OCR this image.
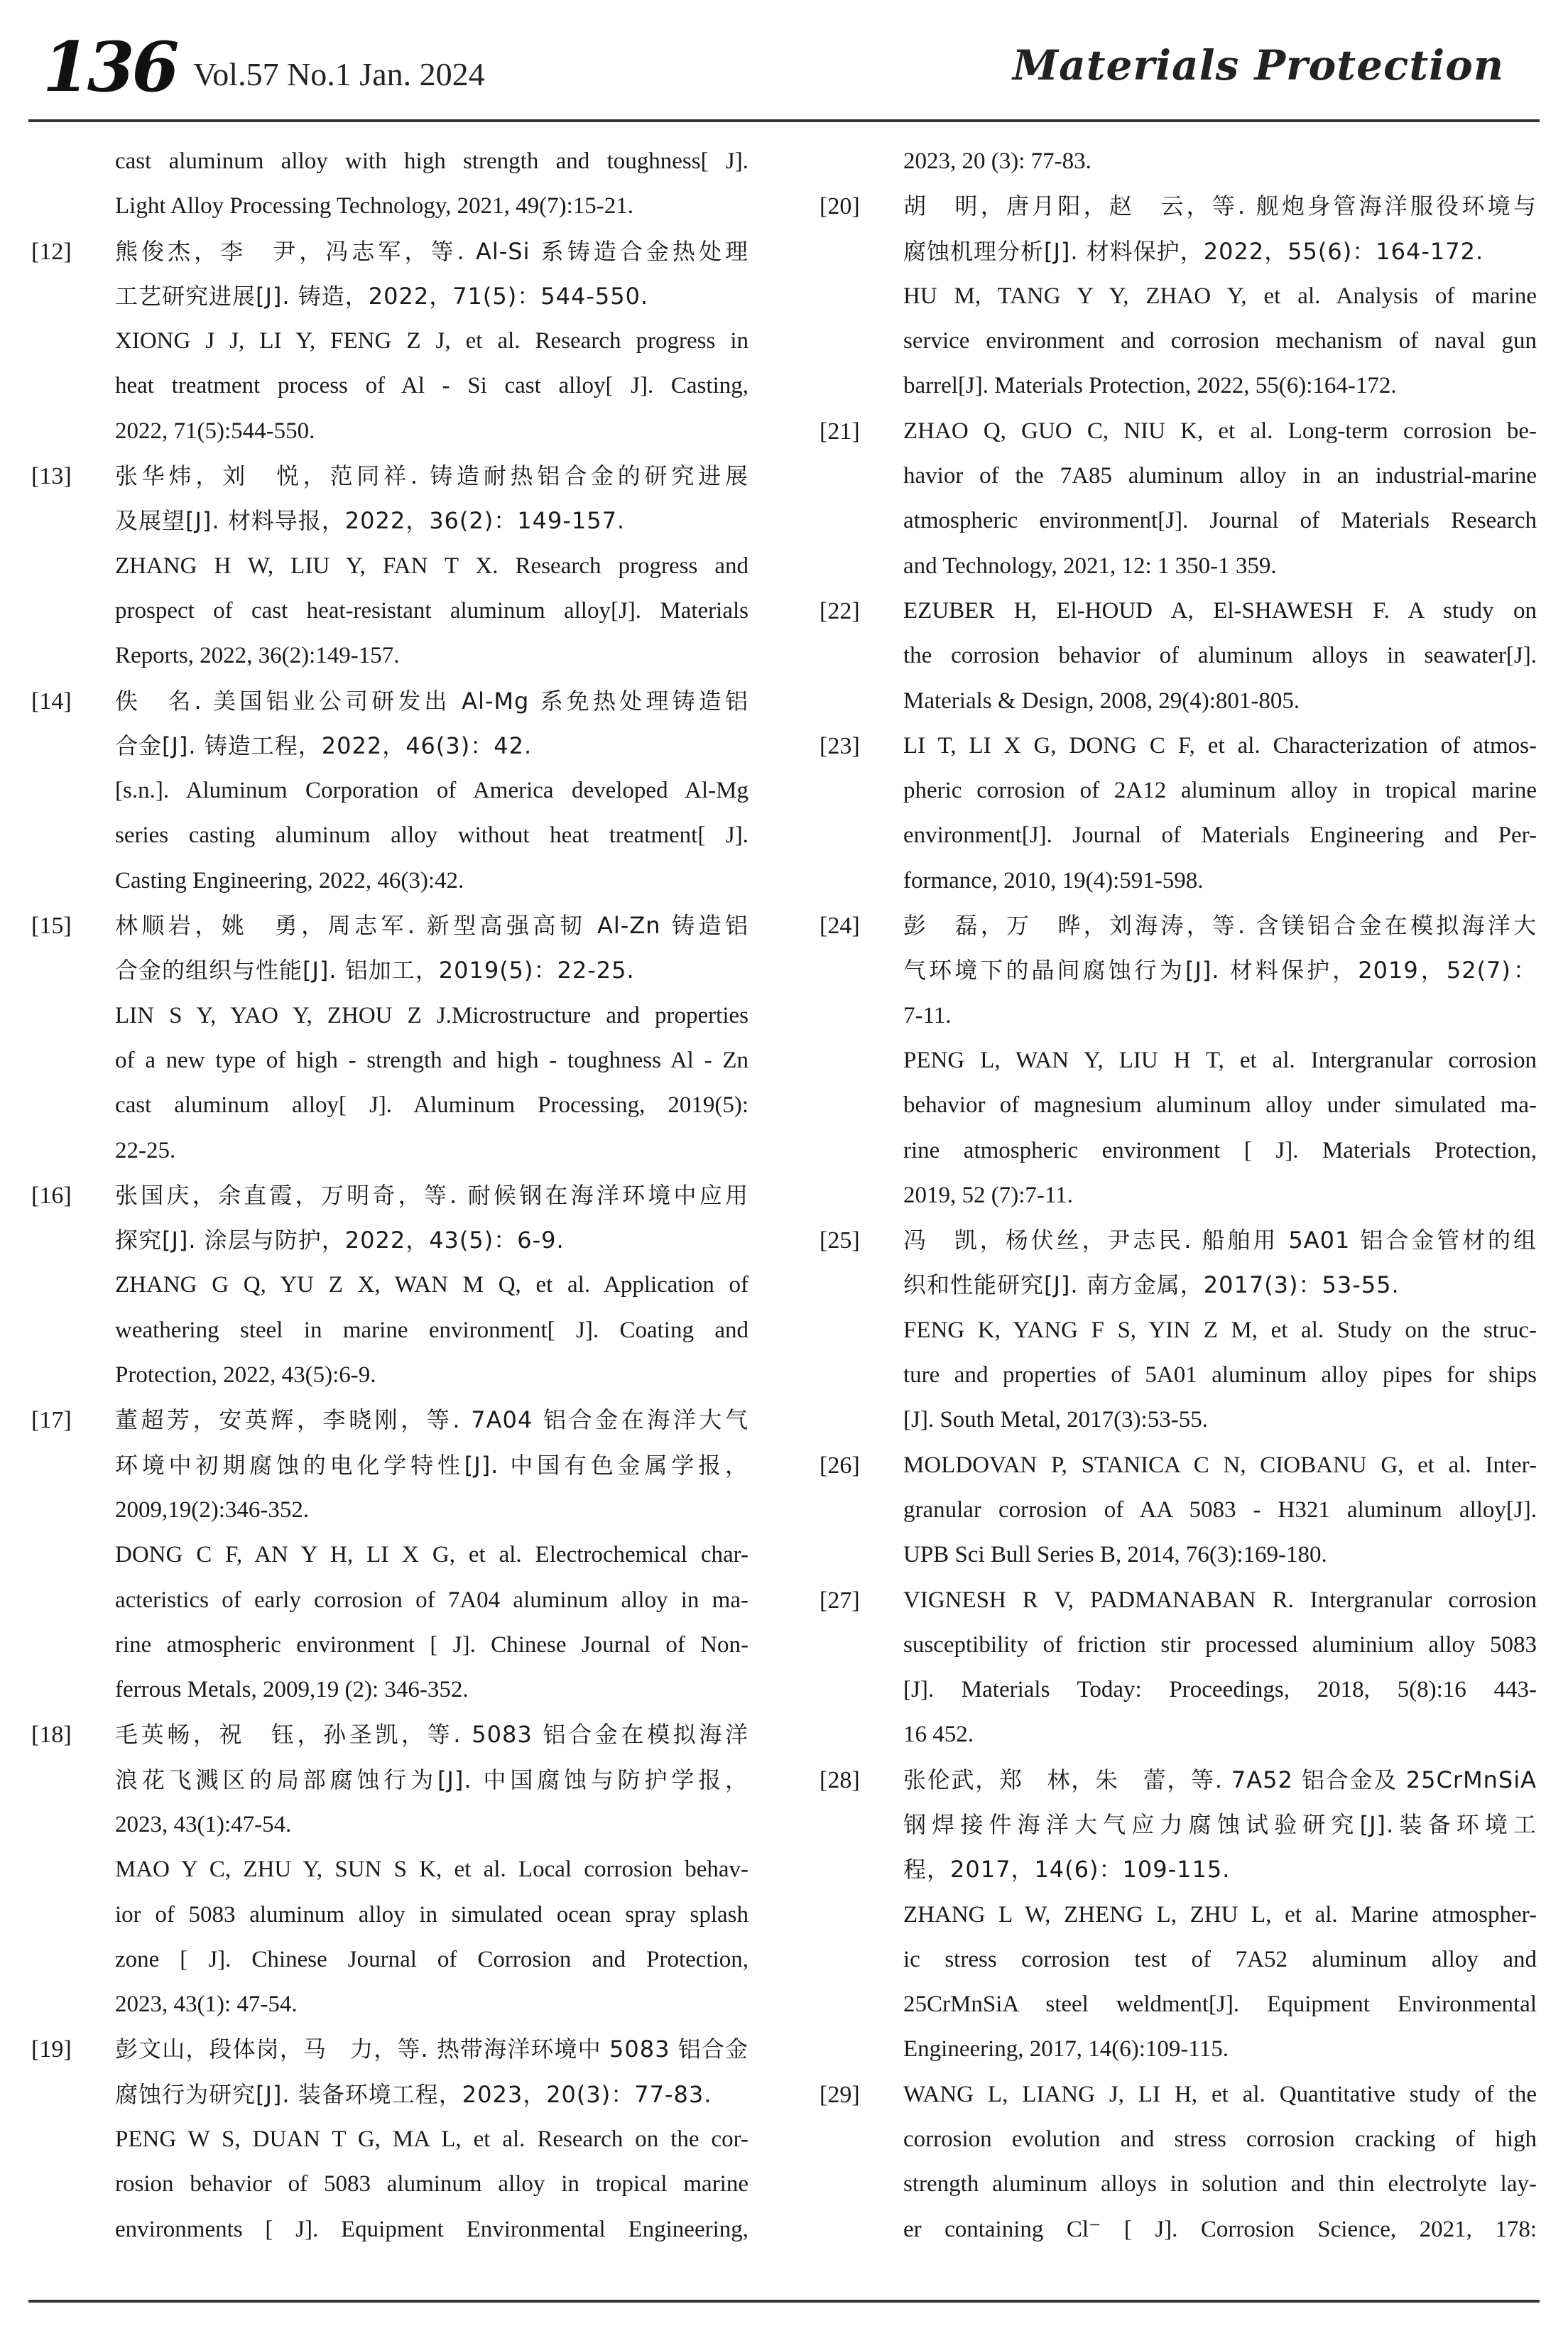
136 Vol.57 No.1 Jan. 2024	Materials Protection
cast aluminum alloy with high strength and toughness[ J].
Light Alloy Processing Technology, 2021, 49(7):15-21.
[12] 熊俊杰，李　尹，冯志军，等. Al-Si 系铸造合金热处理
工艺研究进展[J]. 铸造，2022，71(5)：544-550.
XIONG J J, LI Y, FENG Z J, et al. Research progress in
heat treatment process of Al - Si cast alloy[ J]. Casting,
2022, 71(5):544-550.
[13] 张华炜，刘　悦，范同祥. 铸造耐热铝合金的研究进展
及展望[J]. 材料导报，2022，36(2)：149-157.
ZHANG H W, LIU Y, FAN T X. Research progress and
prospect of cast heat-resistant aluminum alloy[J]. Materials
Reports, 2022, 36(2):149-157.
[14] 佚　名. 美国铝业公司研发出 Al-Mg 系免热处理铸造铝
合金[J]. 铸造工程，2022，46(3)：42.
[s.n.]. Aluminum Corporation of America developed Al-Mg
series casting aluminum alloy without heat treatment[ J].
Casting Engineering, 2022, 46(3):42.
[15] 林顺岩，姚　勇，周志军. 新型高强高韧 Al-Zn 铸造铝
合金的组织与性能[J]. 铝加工，2019(5)：22-25.
LIN S Y, YAO Y, ZHOU Z J.Microstructure and properties
of a new type of high - strength and high - toughness Al - Zn
cast aluminum alloy[ J]. Aluminum Processing, 2019(5):
22-25.
[16] 张国庆，余直霞，万明奇，等. 耐候钢在海洋环境中应用
探究[J]. 涂层与防护，2022，43(5)：6-9.
ZHANG G Q, YU Z X, WAN M Q, et al. Application of
weathering steel in marine environment[ J]. Coating and
Protection, 2022, 43(5):6-9.
[17] 董超芳，安英辉，李晓刚，等. 7A04 铝合金在海洋大气
环境中初期腐蚀的电化学特性[J]. 中国有色金属学报，
2009,19(2):346-352.
DONG C F, AN Y H, LI X G, et al. Electrochemical char-
acteristics of early corrosion of 7A04 aluminum alloy in ma-
rine atmospheric environment [ J]. Chinese Journal of Non-
ferrous Metals, 2009,19 (2): 346-352.
[18] 毛英畅，祝　钰，孙圣凯，等. 5083 铝合金在模拟海洋
浪花飞溅区的局部腐蚀行为[J]. 中国腐蚀与防护学报，
2023, 43(1):47-54.
MAO Y C, ZHU Y, SUN S K, et al. Local corrosion behav-
ior of 5083 aluminum alloy in simulated ocean spray splash
zone [ J]. Chinese Journal of Corrosion and Protection,
2023, 43(1): 47-54.
[19] 彭文山，段体岗，马　力，等. 热带海洋环境中 5083 铝合金
腐蚀行为研究[J]. 装备环境工程，2023，20(3)：77-83.
PENG W S, DUAN T G, MA L, et al. Research on the cor-
rosion behavior of 5083 aluminum alloy in tropical marine
environments [ J]. Equipment Environmental Engineering,
2023, 20 (3): 77-83.
[20] 胡　明，唐月阳，赵　云，等. 舰炮身管海洋服役环境与
腐蚀机理分析[J]. 材料保护，2022，55(6)：164-172.
HU M, TANG Y Y, ZHAO Y, et al. Analysis of marine
service environment and corrosion mechanism of naval gun
barrel[J]. Materials Protection, 2022, 55(6):164-172.
[21] ZHAO Q, GUO C, NIU K, et al. Long-term corrosion be-
havior of the 7A85 aluminum alloy in an industrial-marine
atmospheric environment[J]. Journal of Materials Research
and Technology, 2021, 12: 1 350-1 359.
[22] EZUBER H, El-HOUD A, El-SHAWESH F. A study on
the corrosion behavior of aluminum alloys in seawater[J].
Materials & Design, 2008, 29(4):801-805.
[23] LI T, LI X G, DONG C F, et al. Characterization of atmos-
pheric corrosion of 2A12 aluminum alloy in tropical marine
environment[J]. Journal of Materials Engineering and Per-
formance, 2010, 19(4):591-598.
[24] 彭　磊，万　晔，刘海涛，等. 含镁铝合金在模拟海洋大
气环境下的晶间腐蚀行为[J]. 材料保护，2019，52(7)：
7-11.
PENG L, WAN Y, LIU H T, et al. Intergranular corrosion
behavior of magnesium aluminum alloy under simulated ma-
rine atmospheric environment [ J]. Materials Protection,
2019, 52 (7):7-11.
[25] 冯　凯，杨伏丝，尹志民. 船舶用 5A01 铝合金管材的组
织和性能研究[J]. 南方金属，2017(3)：53-55.
FENG K, YANG F S, YIN Z M, et al. Study on the struc-
ture and properties of 5A01 aluminum alloy pipes for ships
[J]. South Metal, 2017(3):53-55.
[26] MOLDOVAN P, STANICA C N, CIOBANU G, et al. Inter-
granular corrosion of AA 5083 - H321 aluminum alloy[J].
UPB Sci Bull Series B, 2014, 76(3):169-180.
[27] VIGNESH R V, PADMANABAN R. Intergranular corrosion
susceptibility of friction stir processed aluminium alloy 5083
[J]. Materials Today: Proceedings, 2018, 5(8):16 443-
16 452.
[28] 张伦武，郑　林，朱　蕾，等. 7A52 铝合金及 25CrMnSiA
钢焊接件海洋大气应力腐蚀试验研究[J].装备环境工
程，2017，14(6)：109-115.
ZHANG L W, ZHENG L, ZHU L, et al. Marine atmospher-
ic stress corrosion test of 7A52 aluminum alloy and
25CrMnSiA steel weldment[J]. Equipment Environmental
Engineering, 2017, 14(6):109-115.
[29] WANG L, LIANG J, LI H, et al. Quantitative study of the
corrosion evolution and stress corrosion cracking of high
strength aluminum alloys in solution and thin electrolyte lay-
er containing Cl⁻ [ J]. Corrosion Science, 2021, 178:
